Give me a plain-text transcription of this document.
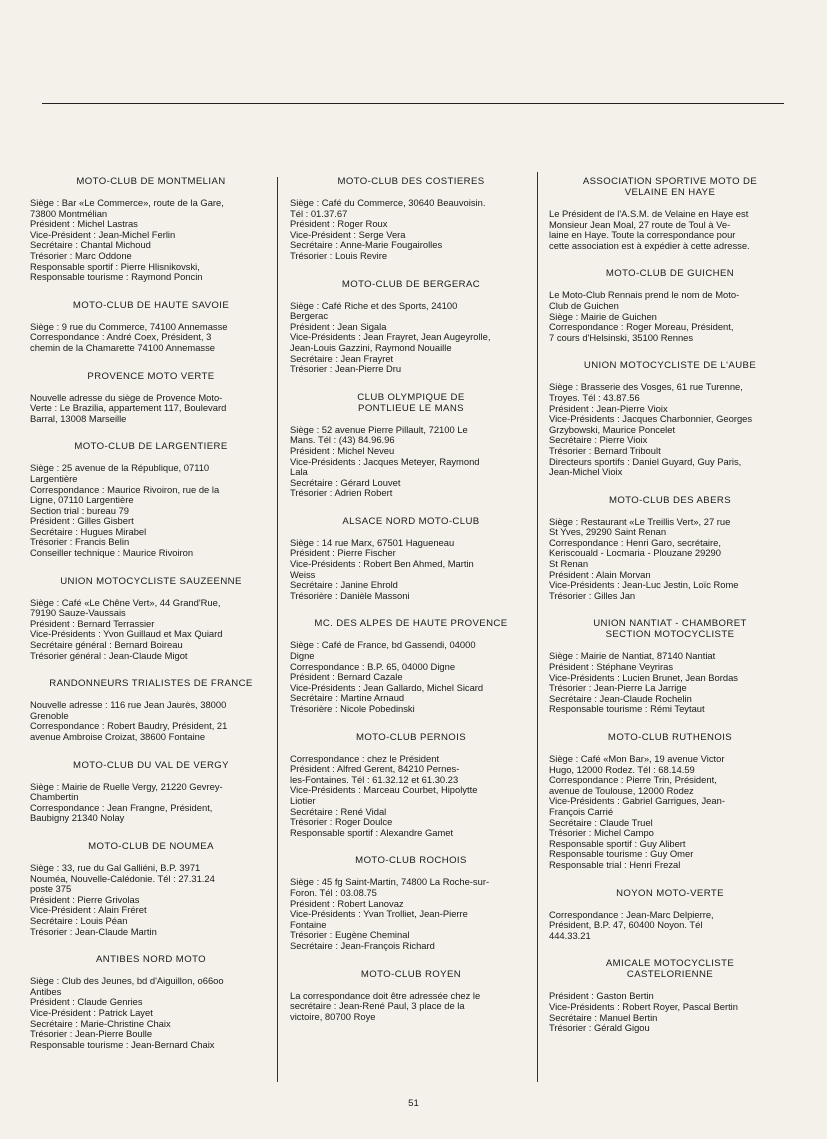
MOTO-CLUB DE MONTMELIAN
Siège : Bar «Le Commerce», route de la Gare,
73800 Montmélian
Président : Michel Lastras
Vice-Président : Jean-Michel Ferlin
Secrétaire : Chantal Michoud
Trésorier : Marc Oddone
Responsable sportif : Pierre Hlisnikovski,
Responsable tourisme : Raymond Poncin
MOTO-CLUB DE HAUTE SAVOIE
Siège : 9 rue du Commerce, 74100 Annemasse
Correspondance : André Coex, Président, 3
chemin de la Chamarette 74100 Annemasse
PROVENCE MOTO VERTE
Nouvelle adresse du siège de Provence Moto-
Verte : Le Brazilia, appartement 117, Boulevard
Barral, 13008 Marseille
MOTO-CLUB DE LARGENTIERE
Siège : 25 avenue de la République, 07110
Largentière
Correspondance : Maurice Rivoiron, rue de la
Ligne, 07110 Largentière
Section trial : bureau 79
Président : Gilles Gisbert
Secrétaire : Hugues Mirabel
Trésorier : Francis Belin
Conseiller technique : Maurice Rivoiron
UNION MOTOCYCLISTE SAUZEENNE
Siège : Café «Le Chêne Vert», 44 Grand'Rue,
79190 Sauze-Vaussais
Président : Bernard Terrassier
Vice-Présidents : Yvon Guillaud et Max Quiard
Secrétaire général : Bernard Boireau
Trésorier général : Jean-Claude Migot
RANDONNEURS TRIALISTES DE FRANCE
Nouvelle adresse : 116 rue Jean Jaurès, 38000
Grenoble
Correspondance : Robert Baudry, Président, 21
avenue Ambroise Croizat, 38600 Fontaine
MOTO-CLUB DU VAL DE VERGY
Siège : Mairie de Ruelle Vergy, 21220 Gevrey-
Chambertin
Correspondance : Jean Frangne, Président,
Baubigny 21340 Nolay
MOTO-CLUB DE NOUMEA
Siège : 33, rue du Gal Galliéni, B.P. 3971
Nouméa, Nouvelle-Calédonie. Tél : 27.31.24
poste 375
Président : Pierre Grivolas
Vice-Président : Alain Fréret
Secrétaire : Louis Péan
Trésorier : Jean-Claude Martin
ANTIBES NORD MOTO
Siège : Club des Jeunes, bd d'Aiguillon, o66oo
Antibes
Président : Claude Genries
Vice-Président : Patrick Layet
Secrétaire : Marie-Christine Chaix
Trésorier : Jean-Pierre Boulle
Responsable tourisme : Jean-Bernard Chaix
MOTO-CLUB DES COSTIERES
Siège : Café du Commerce, 30640 Beauvoisin.
Tél : 01.37.67
Président : Roger Roux
Vice-Président : Serge Vera
Secrétaire : Anne-Marie Fougairolles
Trésorier : Louis Revire
MOTO-CLUB DE BERGERAC
Siège : Café Riche et des Sports, 24100
Bergerac
Président : Jean Sigala
Vice-Présidents : Jean Frayret, Jean Augeyrolle,
Jean-Louis Gazzini, Raymond Nouaille
Secrétaire : Jean Frayret
Trésorier : Jean-Pierre Dru
CLUB OLYMPIQUE DE
PONTLIEUE LE MANS
Siège : 52 avenue Pierre Pillault, 72100 Le
Mans. Tél : (43) 84.96.96
Président : Michel Neveu
Vice-Présidents : Jacques Meteyer, Raymond
Lala
Secrétaire : Gérard Louvet
Trésorier : Adrien Robert
ALSACE NORD MOTO-CLUB
Siège : 14 rue Marx, 67501 Hagueneau
Président : Pierre Fischer
Vice-Présidents : Robert Ben Ahmed, Martin
Weiss
Secrétaire : Janine Ehrold
Trésorière : Danièle Massoni
MC. DES ALPES DE HAUTE PROVENCE
Siège : Café de France, bd Gassendi, 04000
Digne
Correspondance : B.P. 65, 04000 Digne
Président : Bernard Cazale
Vice-Présidents : Jean Gallardo, Michel Sicard
Secrétaire : Martine Arnaud
Trésorière : Nicole Pobedinski
MOTO-CLUB PERNOIS
Correspondance : chez le Président
Président : Alfred Gerent, 84210 Pernes-
les-Fontaines. Tél : 61.32.12 et 61.30.23
Vice-Présidents : Marceau Courbet, Hipolytte
Liotier
Secrétaire : René Vidal
Trésorier : Roger Doulce
Responsable sportif : Alexandre Gamet
MOTO-CLUB ROCHOIS
Siège : 45 fg Saint-Martin, 74800 La Roche-sur-
Foron. Tél : 03.08.75
Président : Robert Lanovaz
Vice-Présidents : Yvan Trolliet, Jean-Pierre
Fontaine
Trésorier : Eugène Cheminal
Secrétaire : Jean-François Richard
MOTO-CLUB ROYEN
La correspondance doit être adressée chez le
secrétaire : Jean-René Paul, 3 place de la
victoire, 80700 Roye
ASSOCIATION SPORTIVE MOTO DE
VELAINE EN HAYE
Le Président de l'A.S.M. de Velaine en Haye est
Monsieur Jean Moal, 27 route de Toul à Ve-
laine en Haye. Toute la correspondance pour
cette association est à expédier à cette adresse.
MOTO-CLUB DE GUICHEN
Le Moto-Club Rennais prend le nom de Moto-
Club de Guichen
Siège : Mairie de Guichen
Correspondance : Roger Moreau, Président,
7 cours d'Helsinski, 35100 Rennes
UNION MOTOCYCLISTE DE L'AUBE
Siège : Brasserie des Vosges, 61 rue Turenne,
Troyes. Tél : 43.87.56
Président : Jean-Pierre Vioix
Vice-Présidents : Jacques Charbonnier, Georges
Grzybowski, Maurice Poncelet
Secrétaire : Pierre Vioix
Trésorier : Bernard Triboult
Directeurs sportifs : Daniel Guyard, Guy Paris,
Jean-Michel Vioix
MOTO-CLUB DES ABERS
Siège : Restaurant «Le Treillis Vert», 27 rue
St Yves, 29290 Saint Renan
Correspondance : Henri Garo, secrétaire,
Keriscouald - Locmaria - Plouzane 29290
St Renan
Président : Alain Morvan
Vice-Présidents : Jean-Luc Jestin, Loïc Rome
Trésorier : Gilles Jan
UNION NANTIAT - CHAMBORET
SECTION MOTOCYCLISTE
Siège : Mairie de Nantiat, 87140 Nantiat
Président : Stéphane Veyriras
Vice-Présidents : Lucien Brunet, Jean Bordas
Trésorier : Jean-Pierre La Jarrige
Secrétaire : Jean-Claude Rochelin
Responsable tourisme : Rémi Teytaut
MOTO-CLUB RUTHENOIS
Siège : Café «Mon Bar», 19 avenue Victor
Hugo, 12000 Rodez. Tél : 68.14.59
Correspondance : Pierre Trin, Président,
avenue de Toulouse, 12000 Rodez
Vice-Présidents : Gabriel Garrigues, Jean-
François Carrié
Secrétaire : Claude Truel
Trésorier : Michel Campo
Responsable sportif : Guy Alibert
Responsable tourisme : Guy Omer
Responsable trial : Henri Frezal
NOYON MOTO-VERTE
Correspondance : Jean-Marc Delpierre,
Président, B.P. 47, 60400 Noyon. Tél
444.33.21
AMICALE MOTOCYCLISTE
CASTELORIENNE
Président : Gaston Bertin
Vice-Présidents : Robert Royer, Pascal Bertin
Secrétaire : Manuel Bertin
Trésorier : Gérald Gigou
51
